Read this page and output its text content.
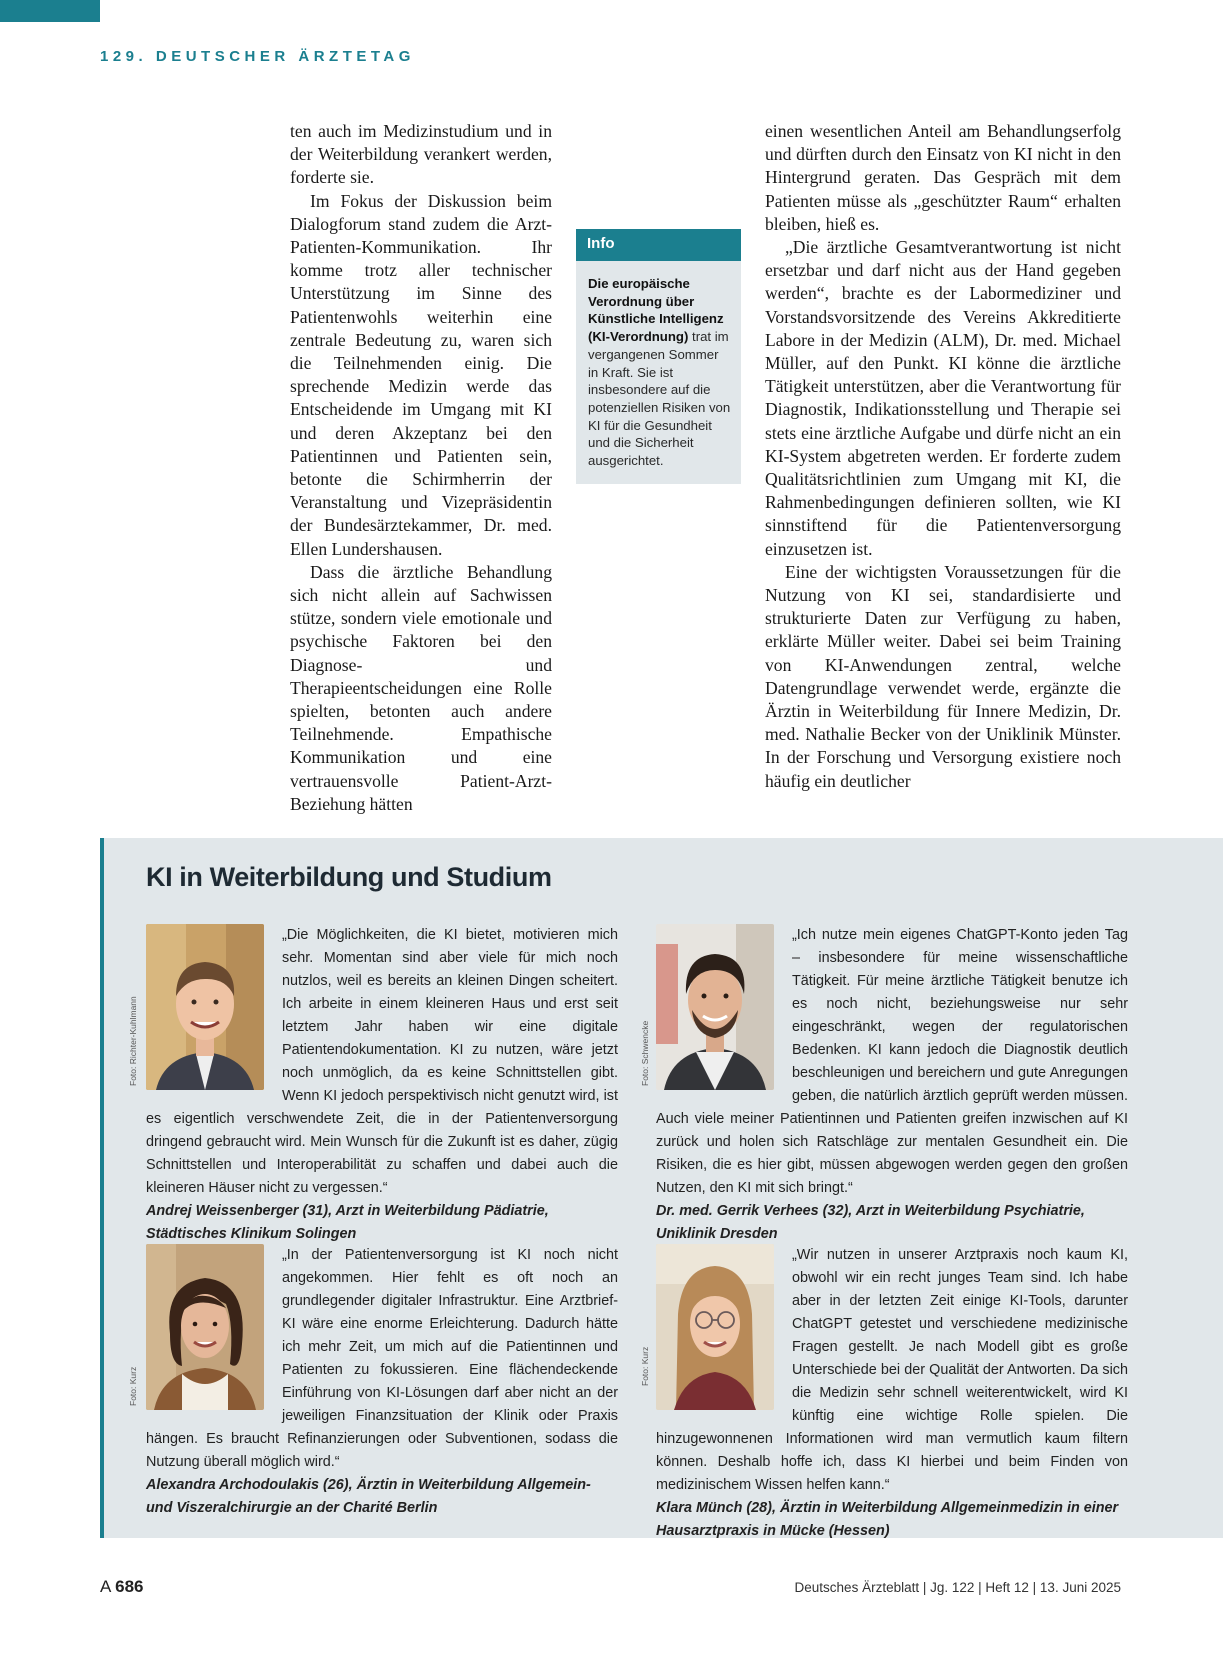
129. DEUTSCHER ÄRZTETAG

ten auch im Medizinstudium und in der Weiterbildung verankert werden, forderte sie.

Im Fokus der Diskussion beim Dialogforum stand zudem die Arzt-Patienten-Kommunikation. Ihr komme trotz aller technischer Unterstützung im Sinne des Patientenwohls weiterhin eine zentrale Bedeutung zu, waren sich die Teilnehmenden einig. Die sprechende Medizin werde das Entscheidende im Umgang mit KI und deren Akzeptanz bei den Patientinnen und Patienten sein, betonte die Schirmherrin der Veranstaltung und Vizepräsidentin der Bundesärztekammer, Dr. med. Ellen Lundershausen.

Dass die ärztliche Behandlung sich nicht allein auf Sachwissen stütze, sondern viele emotionale und psychische Faktoren bei den Diagnose- und Therapieentscheidungen eine Rolle spielten, betonten auch andere Teilnehmende. Empathische Kommunikation und eine vertrauensvolle Patient-Arzt-Beziehung hätten

Info
Die europäische Verordnung über Künstliche Intelligenz (KI-Verordnung) trat im vergangenen Sommer in Kraft. Sie ist insbesondere auf die potenziellen Risiken von KI für die Gesundheit und die Sicherheit ausgerichtet.

einen wesentlichen Anteil am Behandlungserfolg und dürften durch den Einsatz von KI nicht in den Hintergrund geraten. Das Gespräch mit dem Patienten müsse als „geschützter Raum“ erhalten bleiben, hieß es.

„Die ärztliche Gesamtverantwortung ist nicht ersetzbar und darf nicht aus der Hand gegeben werden“, brachte es der Labormediziner und Vorstandsvorsitzende des Vereins Akkreditierte Labore in der Medizin (ALM), Dr. med. Michael Müller, auf den Punkt. KI könne die ärztliche Tätigkeit unterstützen, aber die Verantwortung für Diagnostik, Indikationsstellung und Therapie sei stets eine ärztliche Aufgabe und dürfe nicht an ein KI-System abgetreten werden. Er forderte zudem Qualitätsrichtlinien zum Umgang mit KI, die Rahmenbedingungen definieren sollten, wie KI sinnstiftend für die Patientenversorgung einzusetzen ist.

Eine der wichtigsten Voraussetzungen für die Nutzung von KI sei, standardisierte und strukturierte Daten zur Verfügung zu haben, erklärte Müller weiter. Dabei sei beim Training von KI-Anwendungen zentral, welche Datengrundlage verwendet werde, ergänzte die Ärztin in Weiterbildung für Innere Medizin, Dr. med. Nathalie Becker von der Uniklinik Münster. In der Forschung und Versorgung existiere noch häufig ein deutlicher

KI in Weiterbildung und Studium

„Die Möglichkeiten, die KI bietet, motivieren mich sehr. Momentan sind aber viele für mich noch nutzlos, weil es bereits an kleinen Dingen scheitert. Ich arbeite in einem kleineren Haus und erst seit letztem Jahr haben wir eine digitale Patientendokumentation. KI zu nutzen, wäre jetzt noch unmöglich, da es keine Schnittstellen gibt. Wenn KI jedoch perspektivisch nicht genutzt wird, ist es eigentlich verschwendete Zeit, die in der Patientenversorgung dringend gebraucht wird. Mein Wunsch für die Zukunft ist es daher, zügig Schnittstellen und Interoperabilität zu schaffen und dabei auch die kleineren Häuser nicht zu vergessen.“

Andrej Weissenberger (31), Arzt in Weiterbildung Pädiatrie, Städtisches Klinikum Solingen

Foto: Richter-Kuhlmann

„Ich nutze mein eigenes ChatGPT-Konto jeden Tag – insbesondere für meine wissenschaftliche Tätigkeit. Für meine ärztliche Tätigkeit benutze ich es noch nicht, beziehungsweise nur sehr eingeschränkt, wegen der regulatorischen Bedenken. KI kann jedoch die Diagnostik deutlich beschleunigen und bereichern und gute Anregungen geben, die natürlich ärztlich geprüft werden müssen. Auch viele meiner Patientinnen und Patienten greifen inzwischen auf KI zurück und holen sich Ratschläge zur mentalen Gesundheit ein. Die Risiken, die es hier gibt, müssen abgewogen werden gegen den großen Nutzen, den KI mit sich bringt.“

Dr. med. Gerrik Verhees (32), Arzt in Weiterbildung Psychiatrie, Uniklinik Dresden

Foto: Schwencke

„In der Patientenversorgung ist KI noch nicht angekommen. Hier fehlt es oft noch an grundlegender digitaler Infrastruktur. Eine Arztbrief-KI wäre eine enorme Erleichterung. Dadurch hätte ich mehr Zeit, um mich auf die Patientinnen und Patienten zu fokussieren. Eine flächendeckende Einführung von KI-Lösungen darf aber nicht an der jeweiligen Finanzsituation der Klinik oder Praxis hängen. Es braucht Refinanzierungen oder Subventionen, sodass die Nutzung überall möglich wird.“

Alexandra Archodoulakis (26), Ärztin in Weiterbildung Allgemein- und Viszeralchirurgie an der Charité Berlin

Foto: Kurz

„Wir nutzen in unserer Arztpraxis noch kaum KI, obwohl wir ein recht junges Team sind. Ich habe aber in der letzten Zeit einige KI-Tools, darunter ChatGPT getestet und verschiedene medizinische Fragen gestellt. Je nach Modell gibt es große Unterschiede bei der Qualität der Antworten. Da sich die Medizin sehr schnell weiterentwickelt, wird KI künftig eine wichtige Rolle spielen. Die hinzugewonnenen Informationen wird man vermutlich kaum filtern können. Deshalb hoffe ich, dass KI hierbei und beim Finden von medizinischem Wissen helfen kann.“

Klara Münch (28), Ärztin in Weiterbildung Allgemeinmedizin in einer Hausarztpraxis in Mücke (Hessen)

Foto: Kurz
A 686	Deutsches Ärzteblatt | Jg. 122 | Heft 12 | 13. Juni 2025
